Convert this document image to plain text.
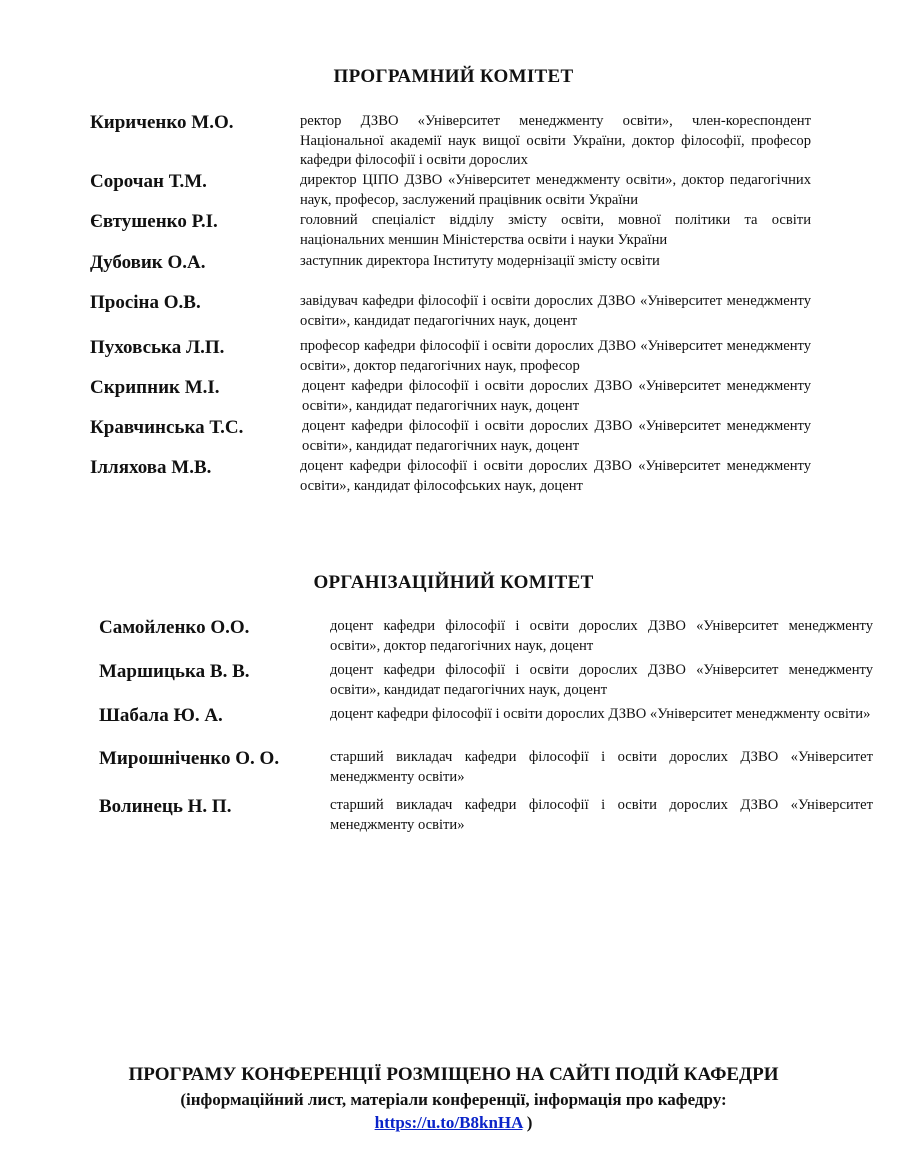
ПРОГРАМНИЙ КОМІТЕТ
Кириченко М.О.	ректор ДЗВО «Університет менеджменту освіти», член-кореспондент Національної академії наук вищої освіти України, доктор філософії, професор кафедри філософії і освіти дорослих
Сорочан Т.М.	директор ЦІПО ДЗВО «Університет менеджменту освіти», доктор педагогічних наук, професор, заслужений працівник освіти України
Євтушенко Р.І.	головний спеціаліст відділу змісту освіти, мовної політики та освіти національних меншин Міністерства освіти і науки України
Дубовик О.А.	заступник директора Інституту модернізації змісту освіти
Просіна О.В.	завідувач кафедри філософії і освіти дорослих ДЗВО «Університет менеджменту освіти», кандидат педагогічних наук, доцент
Пуховська Л.П.	професор кафедри філософії і освіти дорослих ДЗВО «Університет менеджменту освіти», доктор педагогічних наук, професор
Скрипник М.І.	доцент кафедри філософії і освіти дорослих ДЗВО «Університет менеджменту освіти», кандидат педагогічних наук, доцент
Кравчинська Т.С.	доцент кафедри філософії і освіти дорослих ДЗВО «Університет менеджменту освіти», кандидат педагогічних наук, доцент
Ілляхова М.В.	доцент кафедри філософії і освіти дорослих ДЗВО «Університет менеджменту освіти», кандидат філософських наук, доцент
ОРГАНІЗАЦІЙНИЙ КОМІТЕТ
Самойленко О.О.	доцент кафедри філософії і освіти дорослих ДЗВО «Університет менеджменту освіти», доктор педагогічних наук, доцент
Маршицька В. В.	доцент кафедри філософії і освіти дорослих ДЗВО «Університет менеджменту освіти», кандидат педагогічних наук, доцент
Шабала Ю. А.	доцент кафедри філософії і освіти дорослих ДЗВО «Університет менеджменту освіти»
Мирошніченко О. О.	старший викладач кафедри філософії і освіти дорослих ДЗВО «Університет менеджменту освіти»
Волинець Н. П.	старший викладач кафедри філософії і освіти дорослих ДЗВО «Університет менеджменту освіти»
ПРОГРАМУ КОНФЕРЕНЦІЇ РОЗМІЩЕНО НА САЙТІ ПОДІЙ КАФЕДРИ
(інформаційний лист, матеріали конференції, інформація про кафедру:
https://u.to/B8knHA )
